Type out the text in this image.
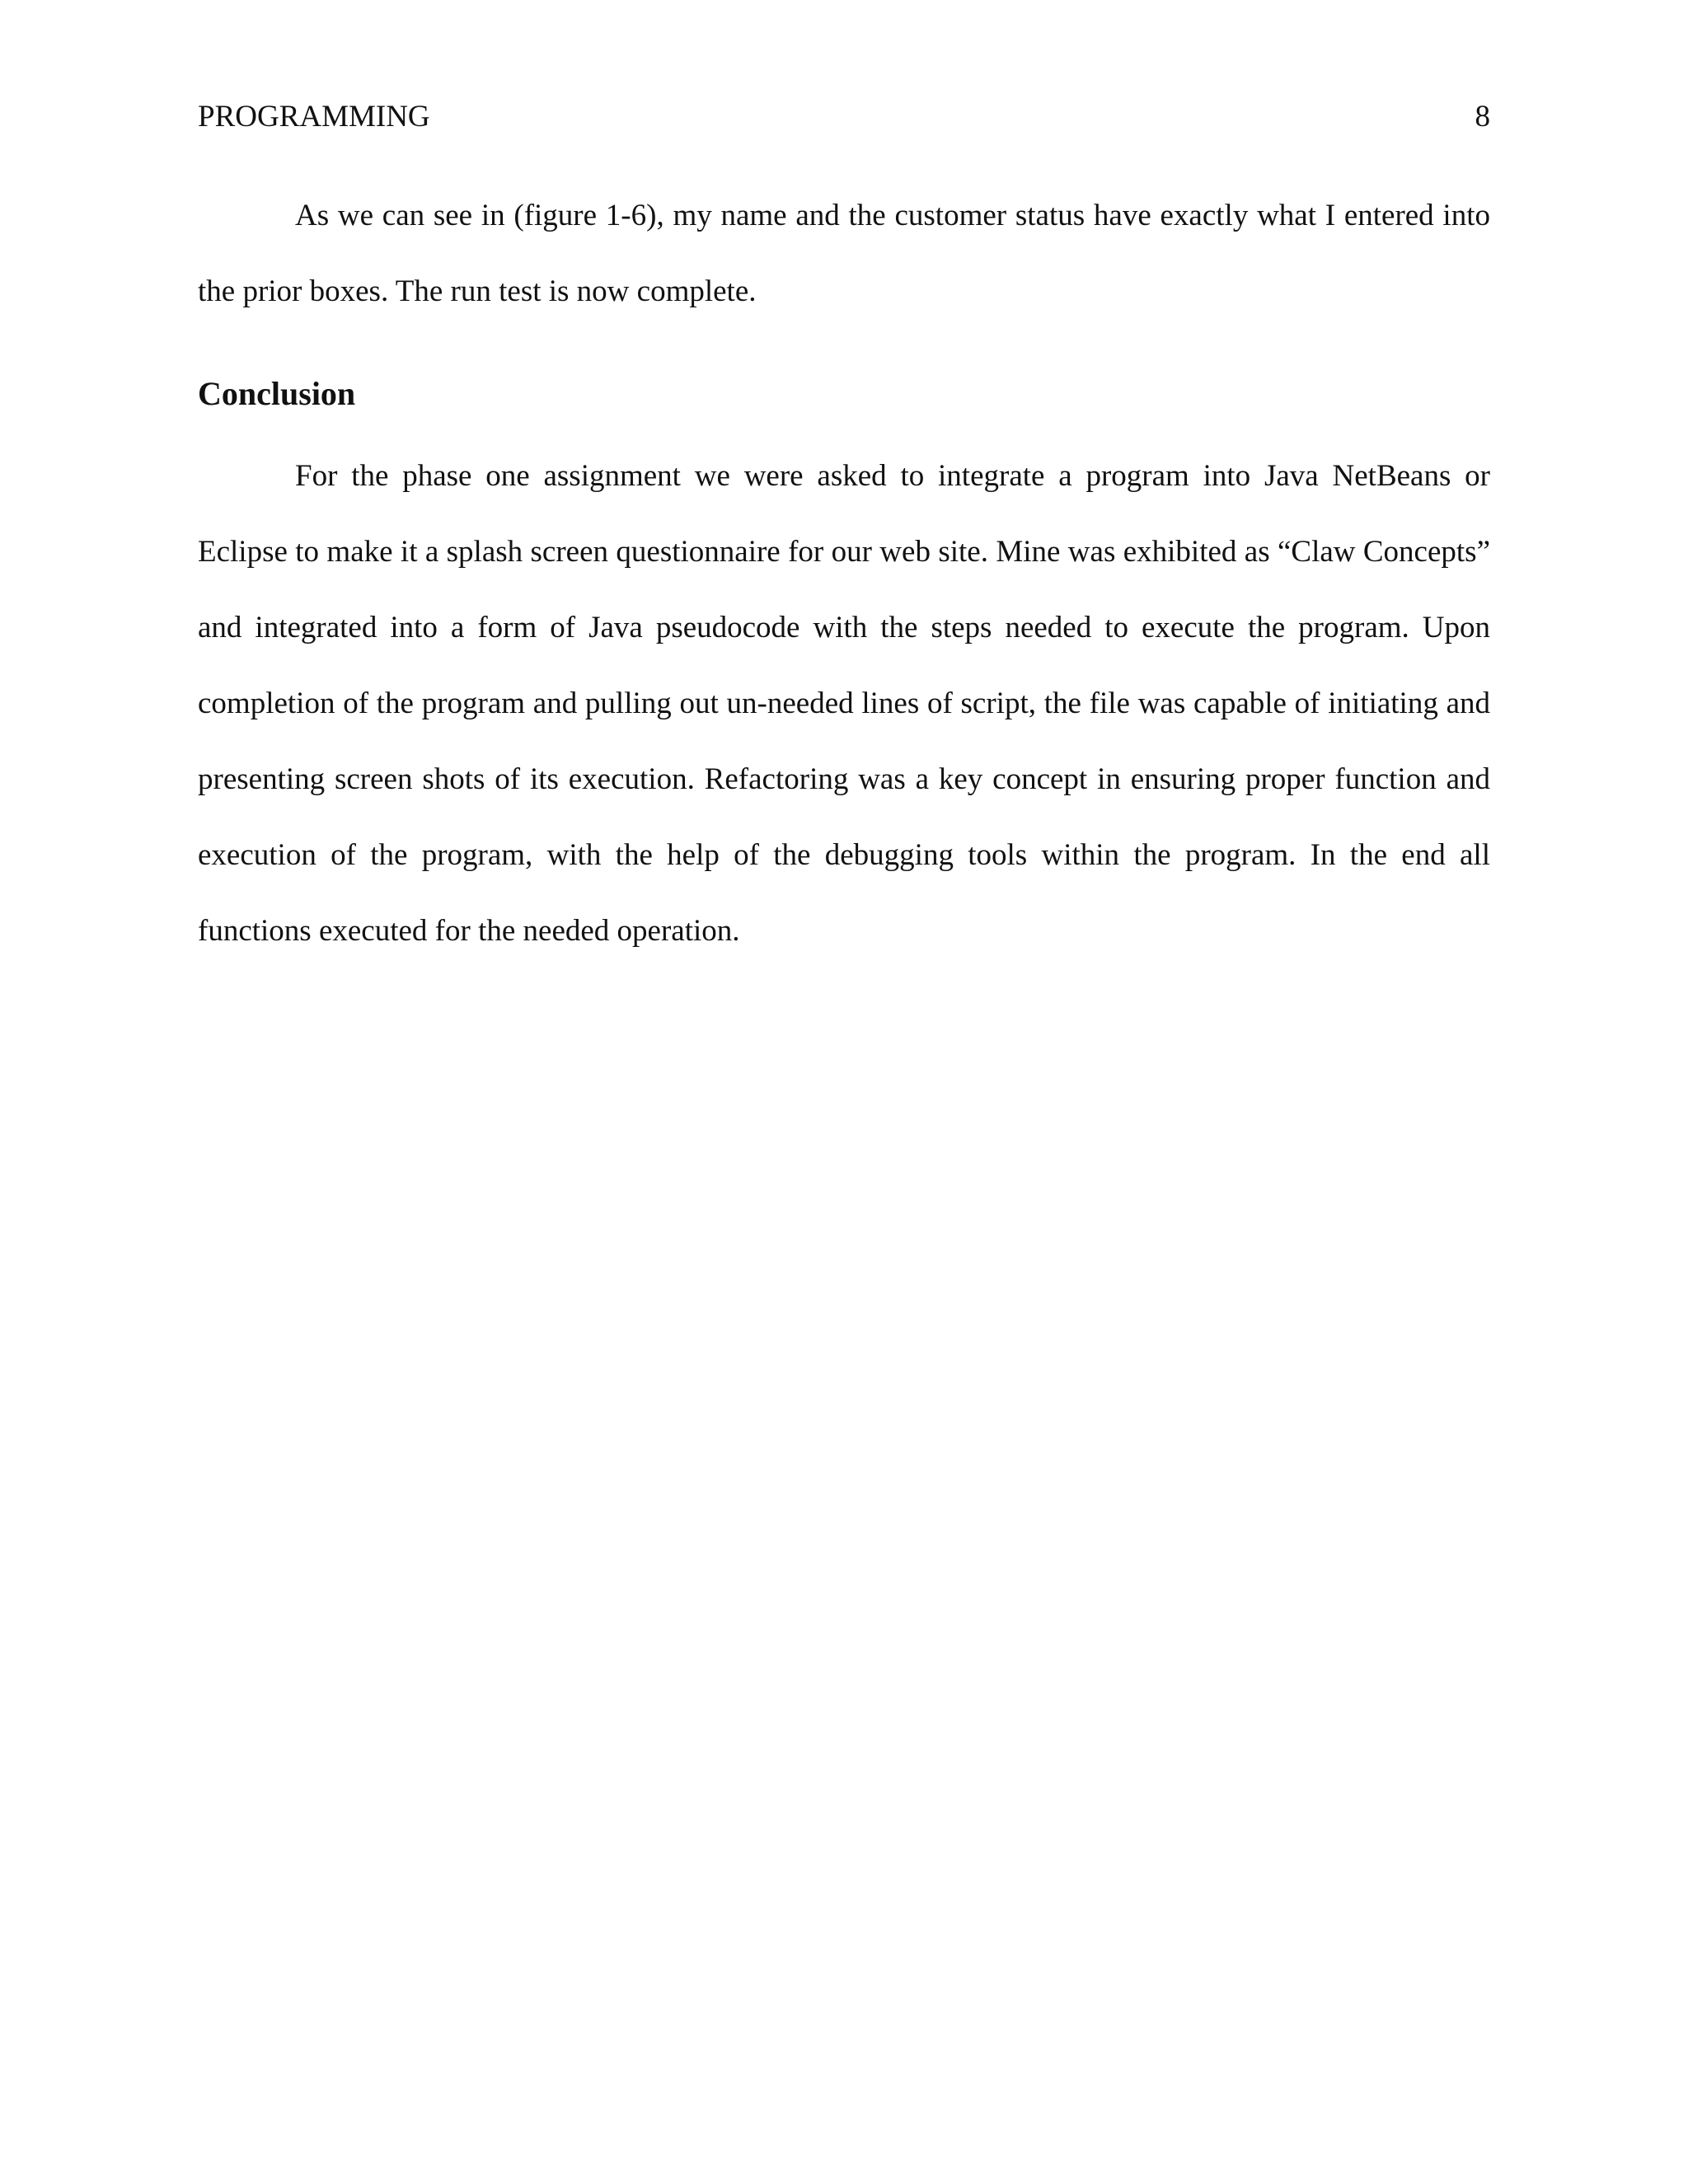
PROGRAMMING	8

As we can see in (figure 1-6), my name and the customer status have exactly what I entered into the prior boxes. The run test is now complete.

Conclusion

For the phase one assignment we were asked to integrate a program into Java NetBeans or Eclipse to make it a splash screen questionnaire for our web site. Mine was exhibited as “Claw Concepts” and integrated into a form of Java pseudocode with the steps needed to execute the program. Upon completion of the program and pulling out un-needed lines of script, the file was capable of initiating and presenting screen shots of its execution. Refactoring was a key concept in ensuring proper function and execution of the program, with the help of the debugging tools within the program. In the end all functions executed for the needed operation.
